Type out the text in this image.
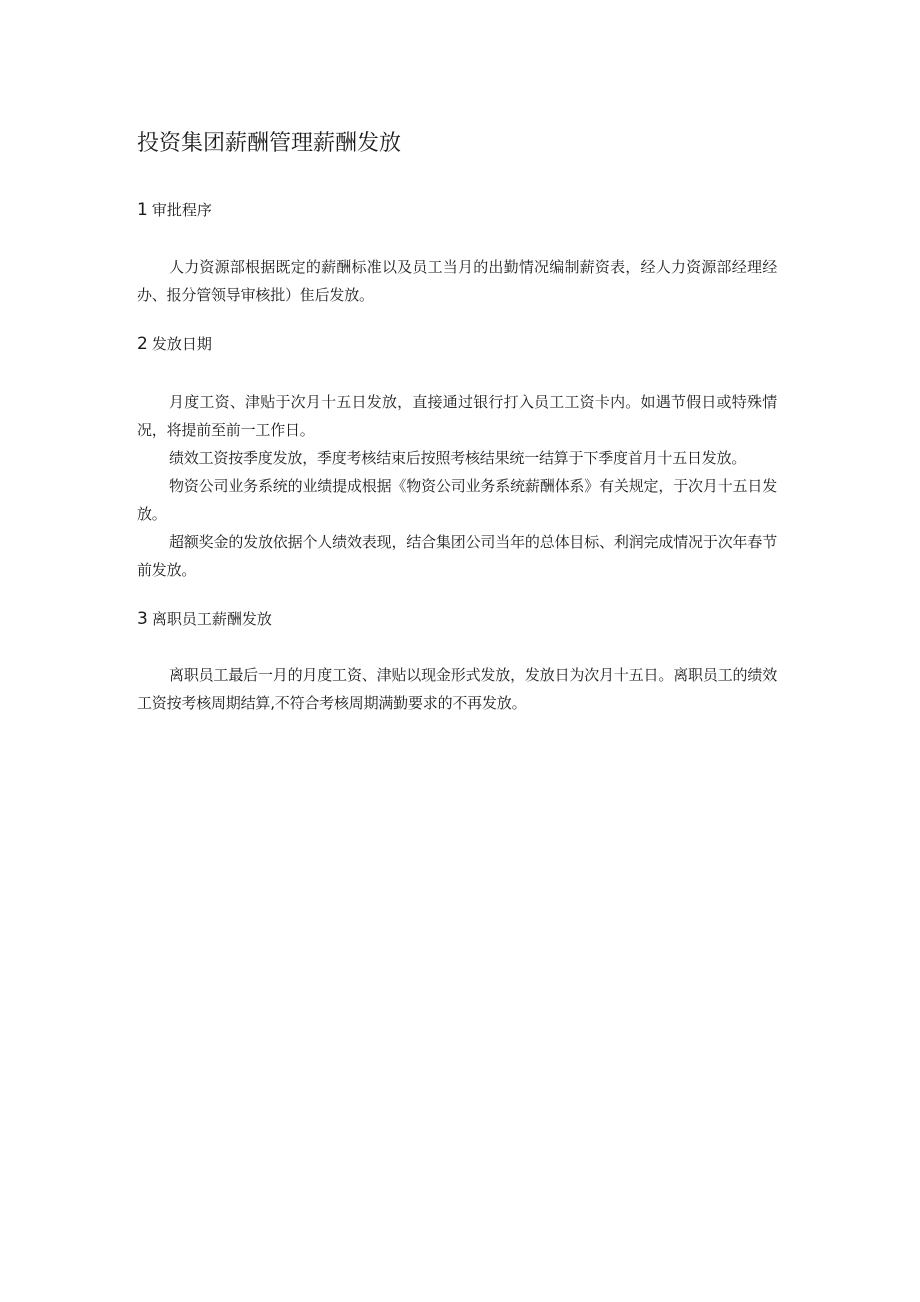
投资集团薪酬管理薪酬发放
1 审批程序

人力资源部根据既定的薪酬标准以及员工当月的出勤情况编制薪资表，经人力资源部经理经办、报分管领导审核批）隹后发放。

2 发放日期

月度工资、津贴于次月十五日发放，直接通过银行打入员工工资卡内。如遇节假日或特殊情况，将提前至前一工作日。

绩效工资按季度发放，季度考核结束后按照考核结果统一结算于下季度首月十五日发放。

物资公司业务系统的业绩提成根据《物资公司业务系统薪酬体系》有关规定，于次月十五日发放。

超额奖金的发放依据个人绩效表现，结合集团公司当年的总体目标、利润完成情况于次年春节前发放。

3 离职员工薪酬发放

离职员工最后一月的月度工资、津贴以现金形式发放，发放日为次月十五日。离职员工的绩效工资按考核周期结算,不符合考核周期满勤要求的不再发放。
